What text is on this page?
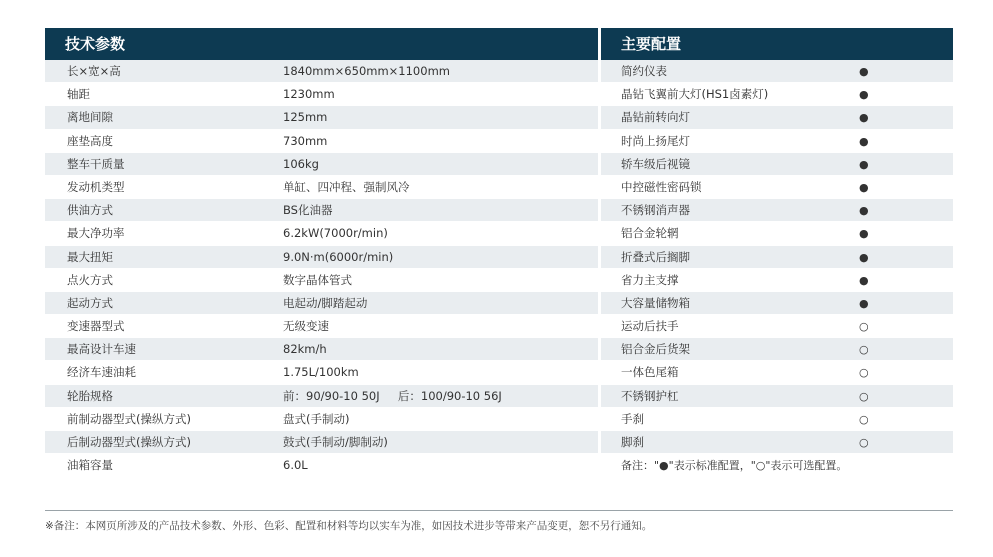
技术参数	主要配置
长×宽×高	1840mm×650mm×1100mm
轴距	1230mm
离地间隙	125mm
座垫高度	730mm
整车干质量	106kg
发动机类型	单缸、四冲程、强制风冷
供油方式	BS化油器
最大净功率	6.2kW(7000r/min)
最大扭矩	9.0N·m(6000r/min)
点火方式	数字晶体管式
起动方式	电起动/脚踏起动
变速器型式	无级变速
最高设计车速	82km/h
经济车速油耗	1.75L/100km
轮胎规格	前：90/90-10 50J     后：100/90-10 56J
前制动器型式(操纵方式)	盘式(手制动)
后制动器型式(操纵方式)	鼓式(手制动/脚制动)
油箱容量	6.0L
简约仪表	●
晶钻飞翼前大灯(HS1卤素灯)	●
晶钻前转向灯	●
时尚上扬尾灯	●
轿车级后视镜	●
中控磁性密码锁	●
不锈钢消声器	●
铝合金轮辋	●
折叠式后搁脚	●
省力主支撑	●
大容量储物箱	●
运动后扶手	○
铝合金后货架	○
一体色尾箱	○
不锈钢护杠	○
手刹	○
脚刹	○
备注："●"表示标准配置，"○"表示可选配置。
※备注：本网页所涉及的产品技术参数、外形、色彩、配置和材料等均以实车为准，如因技术进步等带来产品变更，恕不另行通知。
